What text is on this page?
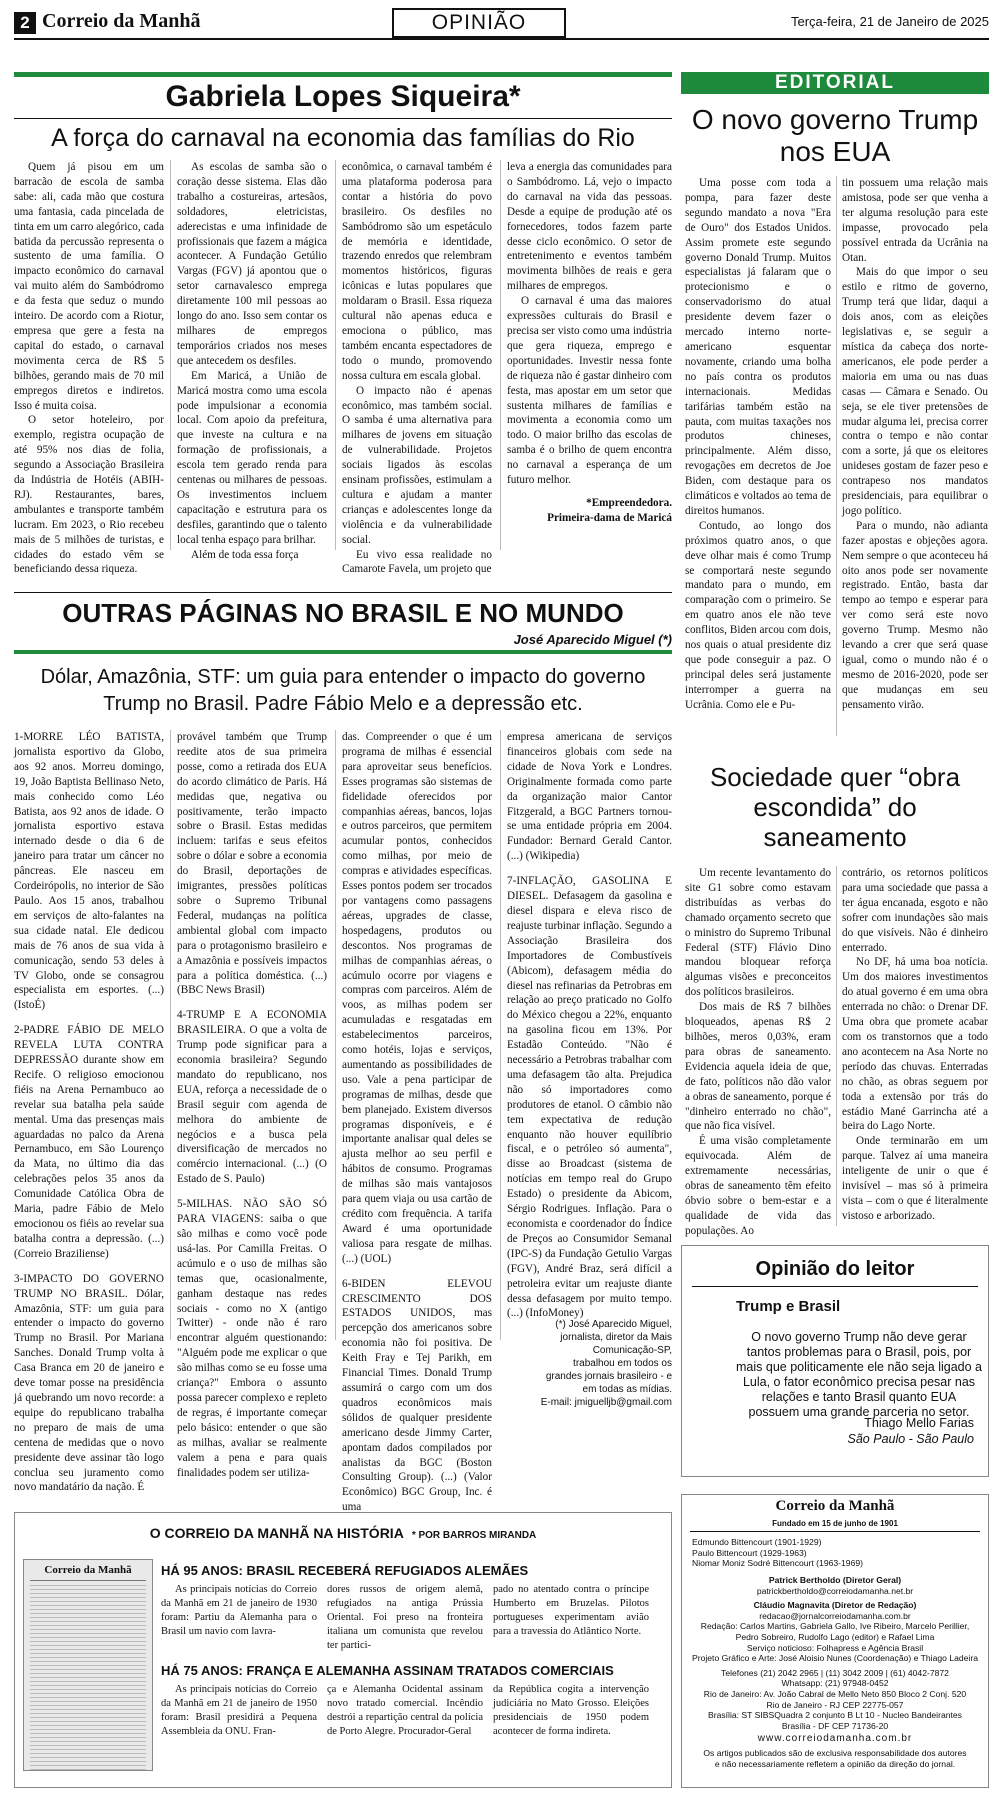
2 Correio da Manhã	OPINIÃO	Terça-feira, 21 de Janeiro de 2025
Gabriela Lopes Siqueira*
A força do carnaval na economia das famílias do Rio

Quem já pisou em um barracão de escola de samba sabe: ali, cada mão que costura uma fantasia, cada pincelada de tinta em um carro alegórico, cada batida da percussão representa o sustento de uma família. O impacto econômico do carnaval vai muito além do Sambódromo e da festa que seduz o mundo inteiro. De acordo com a Riotur, empresa que gere a festa na capital do estado, o carnaval movimenta cerca de R$ 5 bilhões, gerando mais de 70 mil empregos diretos e indiretos. Isso é muita coisa.

O setor hoteleiro, por exemplo, registra ocupação de até 95% nos dias de folia, segundo a Associação Brasileira da Indústria de Hotéis (ABIH-RJ). Restaurantes, bares, ambulantes e transporte também lucram. Em 2023, o Rio recebeu mais de 5 milhões de turistas, e cidades do estado vêm se beneficiando dessa riqueza.

As escolas de samba são o coração desse sistema. Elas dão trabalho a costureiras, artesãos, soldadores, eletricistas, aderecistas e uma infinidade de profissionais que fazem a mágica acontecer. A Fundação Getúlio Vargas (FGV) já apontou que o setor carnavalesco emprega diretamente 100 mil pessoas ao longo do ano. Isso sem contar os milhares de empregos temporários criados nos meses que antecedem os desfiles.

Em Maricá, a União de Maricá mostra como uma escola pode impulsionar a economia local. Com apoio da prefeitura, que investe na cultura e na formação de profissionais, a escola tem gerado renda para centenas ou milhares de pessoas. Os investimentos incluem capacitação e estrutura para os desfiles, garantindo que o talento local tenha espaço para brilhar.

Além de toda essa força

econômica, o carnaval também é uma plataforma poderosa para contar a história do povo brasileiro. Os desfiles no Sambódromo são um espetáculo de memória e identidade, trazendo enredos que relembram momentos históricos, figuras icônicas e lutas populares que moldaram o Brasil. Essa riqueza cultural não apenas educa e emociona o público, mas também encanta espectadores de todo o mundo, promovendo nossa cultura em escala global.

O impacto não é apenas econômico, mas também social. O samba é uma alternativa para milhares de jovens em situação de vulnerabilidade. Projetos sociais ligados às escolas ensinam profissões, estimulam a cultura e ajudam a manter crianças e adolescentes longe da violência e da vulnerabilidade social.

Eu vivo essa realidade no Camarote Favela, um projeto que

leva a energia das comunidades para o Sambódromo. Lá, vejo o impacto do carnaval na vida das pessoas. Desde a equipe de produção até os fornecedores, todos fazem parte desse ciclo econômico. O setor de entretenimento e eventos também movimenta bilhões de reais e gera milhares de empregos.

O carnaval é uma das maiores expressões culturais do Brasil e precisa ser visto como uma indústria que gera riqueza, emprego e oportunidades. Investir nessa fonte de riqueza não é gastar dinheiro com festa, mas apostar em um setor que sustenta milhares de famílias e movimenta a economia como um todo. O maior brilho das escolas de samba é o brilho de quem encontra no carnaval a esperança de um futuro melhor.

*Empreendedora.

Primeira-dama de Maricá

EDITORIAL
O novo governo Trump nos EUA

Uma posse com toda a pompa, para fazer deste segundo mandato a nova "Era de Ouro" dos Estados Unidos. Assim promete este segundo governo Donald Trump. Muitos especialistas já falaram que o protecionismo e o conservadorismo do atual presidente devem fazer o mercado interno norte-americano esquentar novamente, criando uma bolha no país contra os produtos internacionais. Medidas tarifárias também estão na pauta, com muitas taxações nos produtos chineses, principalmente. Além disso, revogações em decretos de Joe Biden, com destaque para os climáticos e voltados ao tema de direitos humanos.

Contudo, ao longo dos próximos quatro anos, o que deve olhar mais é como Trump se comportará neste segundo mandato para o mundo, em comparação com o primeiro. Se em quatro anos ele não teve conflitos, Biden arcou com dois, nos quais o atual presidente diz que pode conseguir a paz. O principal deles será justamente interromper a guerra na Ucrânia. Como ele e Pu-

tin possuem uma relação mais amistosa, pode ser que venha a ter alguma resolução para este impasse, provocado pela possível entrada da Ucrânia na Otan.

Mais do que impor o seu estilo e ritmo de governo, Trump terá que lidar, daqui a dois anos, com as eleições legislativas e, se seguir a mística da cabeça dos norte-americanos, ele pode perder a maioria em uma ou nas duas casas — Câmara e Senado. Ou seja, se ele tiver pretensões de mudar alguma lei, precisa correr contra o tempo e não contar com a sorte, já que os eleitores unideses gostam de fazer peso e contrapeso nos mandatos presidenciais, para equilibrar o jogo político.

Para o mundo, não adianta fazer apostas e objeções agora. Nem sempre o que aconteceu há oito anos pode ser novamente registrado. Então, basta dar tempo ao tempo e esperar para ver como será este novo governo Trump. Mesmo não levando a crer que será quase igual, como o mundo não é o mesmo de 2016-2020, pode ser que mudanças em seu pensamento virão.

OUTRAS PÁGINAS NO BRASIL E NO MUNDO
José Aparecido Miguel (*)
Dólar, Amazônia, STF: um guia para entender o impacto do governo Trump no Brasil. Padre Fábio Melo e a depressão etc.

1-MORRE LÉO BATISTA, jornalista esportivo da Globo, aos 92 anos. Morreu domingo, 19, João Baptista Bellinaso Neto, mais conhecido como Léo Batista, aos 92 anos de idade. O jornalista esportivo estava internado desde o dia 6 de janeiro para tratar um câncer no pâncreas. Ele nasceu em Cordeirópolis, no interior de São Paulo. Aos 15 anos, trabalhou em serviços de alto-falantes na sua cidade natal. Ele dedicou mais de 76 anos de sua vida à comunicação, sendo 53 deles à TV Globo, onde se consagrou especialista em esportes. (...) (IstoÉ)

2-PADRE FÁBIO DE MELO REVELA LUTA CONTRA DEPRESSÃO durante show em Recife. O religioso emocionou fiéis na Arena Pernambuco ao revelar sua batalha pela saúde mental. Uma das presenças mais aguardadas no palco da Arena Pernambuco, em São Lourenço da Mata, no último dia das celebrações pelos 35 anos da Comunidade Católica Obra de Maria, padre Fábio de Melo emocionou os fiéis ao revelar sua batalha contra a depressão. (...) (Correio Braziliense)

3-IMPACTO DO GOVERNO TRUMP NO BRASIL. Dólar, Amazônia, STF: um guia para entender o impacto do governo Trump no Brasil. Por Mariana Sanches. Donald Trump volta à Casa Branca em 20 de janeiro e deve tomar posse na presidência já quebrando um novo recorde: a equipe do republicano trabalha no preparo de mais de uma centena de medidas que o novo presidente deve assinar tão logo conclua seu juramento como novo mandatário da nação. É

provável também que Trump reedite atos de sua primeira posse, como a retirada dos EUA do acordo climático de Paris. Há medidas que, negativa ou positivamente, terão impacto sobre o Brasil. Estas medidas incluem: tarifas e seus efeitos sobre o dólar e sobre a economia do Brasil, deportações de imigrantes, pressões políticas sobre o Supremo Tribunal Federal, mudanças na política ambiental global com impacto para o protagonismo brasileiro e a Amazônia e possíveis impactos para a política doméstica. (...) (BBC News Brasil)

4-TRUMP E A ECONOMIA BRASILEIRA. O que a volta de Trump pode significar para a economia brasileira? Segundo mandato do republicano, nos EUA, reforça a necessidade de o Brasil seguir com agenda de melhora do ambiente de negócios e a busca pela diversificação de mercados no comércio internacional. (...) (O Estado de S. Paulo)

5-MILHAS. NÃO SÃO SÓ PARA VIAGENS: saiba o que são milhas e como você pode usá-las. Por Camilla Freitas. O acúmulo e o uso de milhas são temas que, ocasionalmente, ganham destaque nas redes sociais - como no X (antigo Twitter) - onde não é raro encontrar alguém questionando: "Alguém pode me explicar o que são milhas como se eu fosse uma criança?" Embora o assunto possa parecer complexo e repleto de regras, é importante começar pelo básico: entender o que são as milhas, avaliar se realmente valem a pena e para quais finalidades podem ser utiliza-

das. Compreender o que é um programa de milhas é essencial para aproveitar seus benefícios. Esses programas são sistemas de fidelidade oferecidos por companhias aéreas, bancos, lojas e outros parceiros, que permitem acumular pontos, conhecidos como milhas, por meio de compras e atividades específicas. Esses pontos podem ser trocados por vantagens como passagens aéreas, upgrades de classe, hospedagens, produtos ou descontos. Nos programas de milhas de companhias aéreas, o acúmulo ocorre por viagens e compras com parceiros. Além de voos, as milhas podem ser acumuladas e resgatadas em estabelecimentos parceiros, como hotéis, lojas e serviços, aumentando as possibilidades de uso. Vale a pena participar de programas de milhas, desde que bem planejado. Existem diversos programas disponíveis, e é importante analisar qual deles se ajusta melhor ao seu perfil e hábitos de consumo. Programas de milhas são mais vantajosos para quem viaja ou usa cartão de crédito com frequência. A tarifa Award é uma oportunidade valiosa para resgate de milhas. (...) (UOL)

6-BIDEN ELEVOU CRESCIMENTO DOS ESTADOS UNIDOS, mas percepção dos americanos sobre economia não foi positiva. De Keith Fray e Tej Parikh, em Financial Times. Donald Trump assumirá o cargo com um dos quadros econômicos mais sólidos de qualquer presidente americano desde Jimmy Carter, apontam dados compilados por analistas da BGC (Boston Consulting Group). (...) (Valor Econômico) BGC Group, Inc. é uma

empresa americana de serviços financeiros globais com sede na cidade de Nova York e Londres. Originalmente formada como parte da organização maior Cantor Fitzgerald, a BGC Partners tornou-se uma entidade própria em 2004. Fundador: Bernard Gerald Cantor. (...) (Wikipedia)

7-INFLAÇÃO, GASOLINA E DIESEL. Defasagem da gasolina e diesel dispara e eleva risco de reajuste turbinar inflação. Segundo a Associação Brasileira dos Importadores de Combustíveis (Abicom), defasagem média do diesel nas refinarias da Petrobras em relação ao preço praticado no Golfo do México chegou a 22%, enquanto na gasolina ficou em 13%. Por Estadão Conteúdo. "Não é necessário a Petrobras trabalhar com uma defasagem tão alta. Prejudica não só importadores como produtores de etanol. O câmbio não tem expectativa de redução enquanto não houver equilíbrio fiscal, e o petróleo só aumenta", disse ao Broadcast (sistema de notícias em tempo real do Grupo Estado) o presidente da Abicom, Sérgio Rodrigues. Inflação. Para o economista e coordenador do Índice de Preços ao Consumidor Semanal (IPC-S) da Fundação Getulio Vargas (FGV), André Braz, será difícil a petroleira evitar um reajuste diante dessa defasagem por muito tempo. (...) (InfoMoney)

(*) José Aparecido Miguel,
jornalista, diretor da Mais
Comunicação-SP,
trabalhou em todos os
grandes jornais brasileiro - e
em todas as mídias.
E-mail: jmiguelljb@gmail.com
Sociedade quer “obra escondida” do saneamento

Um recente levantamento do site G1 sobre como estavam distribuídas as verbas do chamado orçamento secreto que o ministro do Supremo Tribunal Federal (STF) Flávio Dino mandou bloquear reforça algumas visões e preconceitos dos políticos brasileiros.

Dos mais de R$ 7 bilhões bloqueados, apenas R$ 2 bilhões, meros 0,03%, eram para obras de saneamento. Evidencia aquela ideia de que, de fato, políticos não dão valor a obras de saneamento, porque é "dinheiro enterrado no chão", que não fica visível.

É uma visão completamente equivocada. Além de extremamente necessárias, obras de saneamento têm efeito óbvio sobre o bem-estar e a qualidade de vida das populações. Ao

contrário, os retornos políticos para uma sociedade que passa a ter água encanada, esgoto e não sofrer com inundações são mais do que visíveis. Não é dinheiro enterrado.

No DF, há uma boa notícia. Um dos maiores investimentos do atual governo é em uma obra enterrada no chão: o Drenar DF. Uma obra que promete acabar com os transtornos que a todo ano acontecem na Asa Norte no período das chuvas. Enterradas no chão, as obras seguem por toda a extensão por trás do estádio Mané Garrincha até a beira do Lago Norte.

Onde terminarão em um parque. Talvez aí uma maneira inteligente de unir o que é invisível – mas só à primeira vista – com o que é literalmente vistoso e arborizado.

Opinião do leitor
Trump e Brasil
O novo governo Trump não deve gerar tantos problemas para o Brasil, pois, por mais que politicamente ele não seja ligado a Lula, o fator econômico precisa pesar nas relações e tanto Brasil quanto EUA possuem uma grande parceria no setor.
Thiago Mello Farias
São Paulo - São Paulo
O CORREIO DA MANHÃ NA HISTÓRIA * POR BARROS MIRANDA
Correio da Manhã	HÁ 95 ANOS: BRASIL RECEBERÁ REFUGIADOS ALEMÃES

As principais notícias do Correio da Manhã em 21 de janeiro de 1930 foram: Partiu da Alemanha para o Brasil um navio com lavra-

dores russos de origem alemã, refugiados na antiga Prússia Oriental. Foi preso na fronteira italiana um comunista que revelou ter partici-

pado no atentado contra o príncipe Humberto em Bruzelas. Pilotos portugueses experimentam avião para a travessia do Atlântico Norte.

HÁ 75 ANOS: FRANÇA E ALEMANHA ASSINAM TRATADOS COMERCIAIS

As principais notícias do Correio da Manhã em 21 de janeiro de 1950 foram: Brasil presidirá a Pequena Assembleia da ONU. Fran-

ça e Alemanha Ocidental assinam novo tratado comercial. Incêndio destrói a repartição central da polícia de Porto Alegre. Procurador-Geral

da República cogita a intervenção judiciária no Mato Grosso. Eleições presidenciais de 1950 podem acontecer de forma indireta.

Correio da Manhã
Fundado em 15 de junho de 1901
Edmundo Bittencourt (1901-1929)
Paulo Bittencourt (1929-1963)
Niomar Moniz Sodré Bittencourt (1963-1969)
Patrick Bertholdo (Diretor Geral)
patrickbertholdo@correiodamanha.net.br
Cláudio Magnavita (Diretor de Redação)
redacao@jornalcorreiodamanha.com.br
Redação: Carlos Martins, Gabriela Gallo, Ive Ribeiro, Marcelo Perillier, Pedro Sobreiro, Rudolfo Lago (editor) e Rafael Lima
Serviço noticioso: Folhapress e Agência Brasil
Projeto Gráfico e Arte: José Aloisio Nunes (Coordenação) e Thiago Ladeira
Telefones (21) 2042 2965 | (11) 3042 2009 | (61) 4042-7872
Whatsapp: (21) 97948-0452
Rio de Janeiro: Av. João Cabral de Mello Neto 850 Bloco 2 Conj. 520
Rio de Janeiro - RJ CEP 22775-057
Brasília: ST SIBSQuadra 2 conjunto B Lt 10 - Nucleo Bandeirantes
Brasília - DF CEP 71736-20
www.correiodamanha.com.br
Os artigos publicados são de exclusiva responsabilidade dos autores
e não necessariamente refletem a opinião da direção do jornal.
